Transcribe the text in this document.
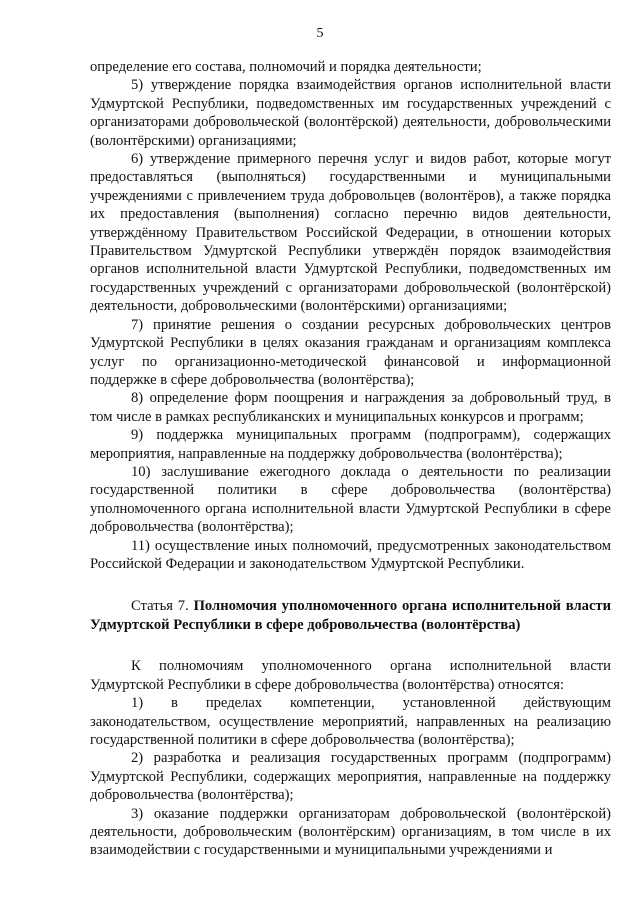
5

определение его состава, полномочий и порядка деятельности;

5) утверждение порядка взаимодействия органов исполнительной власти Удмуртской Республики, подведомственных им государственных учреждений с организаторами добровольческой (волонтёрской) деятельности, добровольческими (волонтёрскими) организациями;

6) утверждение примерного перечня услуг и видов работ, которые могут предоставляться (выполняться) государственными и муниципальными учреждениями с привлечением труда добровольцев (волонтёров), а также порядка их предоставления (выполнения) согласно перечню видов деятельности, утверждённому Правительством Российской Федерации, в отношении которых Правительством Удмуртской Республики утверждён порядок взаимодействия органов исполнительной власти Удмуртской Республики, подведомственных им государственных учреждений с организаторами добровольческой (волонтёрской) деятельности, добровольческими (волонтёрскими) организациями;

7) принятие решения о создании ресурсных добровольческих центров Удмуртской Республики в целях оказания гражданам и организациям комплекса услуг по организационно-методической финансовой и информационной поддержке в сфере добровольчества (волонтёрства);

8) определение форм поощрения и награждения за добровольный труд, в том числе в рамках республиканских и муниципальных конкурсов и программ;

9) поддержка муниципальных программ (подпрограмм), содержащих мероприятия, направленные на поддержку добровольчества (волонтёрства);

10) заслушивание ежегодного доклада о деятельности по реализации государственной политики в сфере добровольчества (волонтёрства) уполномоченного органа исполнительной власти Удмуртской Республики в сфере добровольчества (волонтёрства);

11) осуществление иных полномочий, предусмотренных законодательством Российской Федерации и законодательством Удмуртской Республики.

Статья 7. Полномочия уполномоченного органа исполнительной власти Удмуртской Республики в сфере добровольчества (волонтёрства)

К полномочиям уполномоченного органа исполнительной власти Удмуртской Республики в сфере добровольчества (волонтёрства) относятся:

1) в пределах компетенции, установленной действующим законодательством, осуществление мероприятий, направленных на реализацию государственной политики в сфере добровольчества (волонтёрства);

2) разработка и реализация государственных программ (подпрограмм) Удмуртской Республики, содержащих мероприятия, направленные на поддержку добровольчества (волонтёрства);

3) оказание поддержки организаторам добровольческой (волонтёрской) деятельности, добровольческим (волонтёрским) организациям, в том числе в их взаимодействии с государственными и муниципальными учреждениями и
